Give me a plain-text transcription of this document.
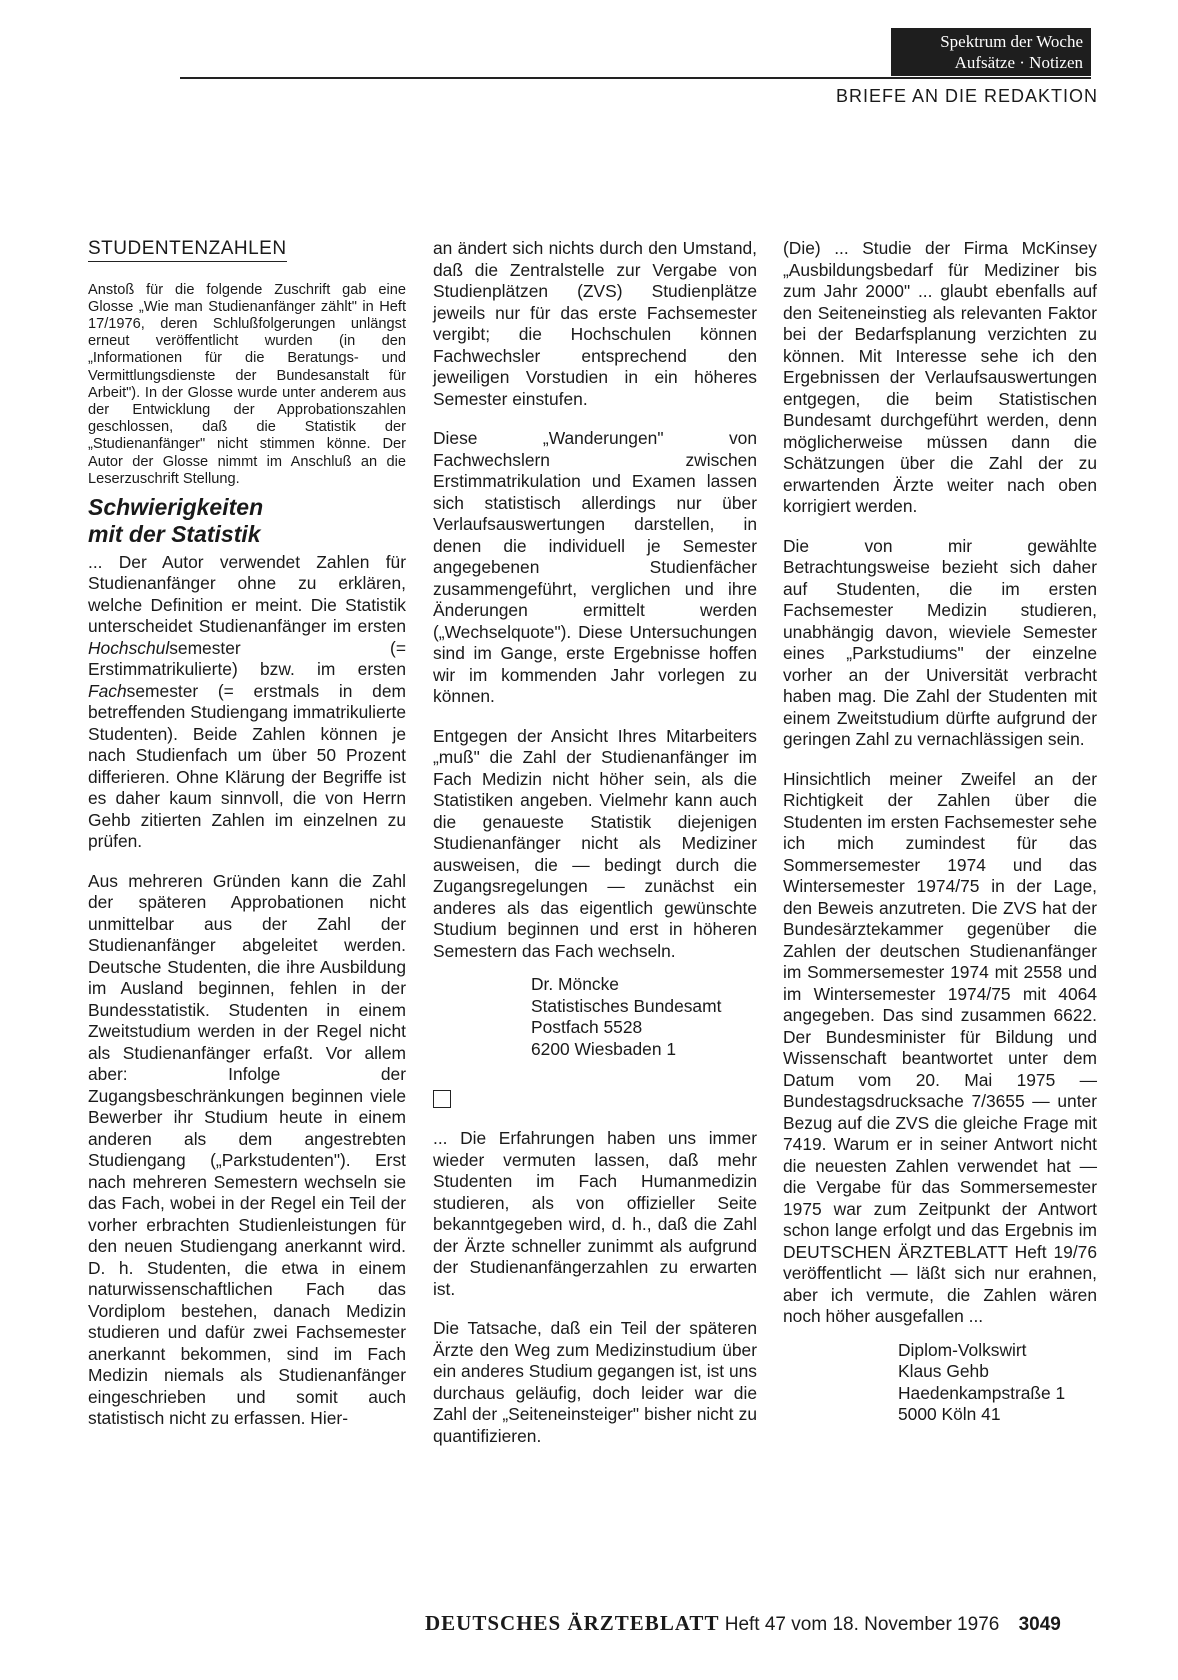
Spektrum der Woche
Aufsätze · Notizen
BRIEFE AN DIE REDAKTION
STUDENTENZAHLEN

Anstoß für die folgende Zuschrift gab eine Glosse „Wie man Studienanfänger zählt" in Heft 17/1976, deren Schlußfolgerungen unlängst erneut veröffentlicht wurden (in den „Informationen für die Beratungs- und Vermittlungsdienste der Bundesanstalt für Arbeit"). In der Glosse wurde unter anderem aus der Entwicklung der Approbationszahlen geschlossen, daß die Statistik der „Studienanfänger" nicht stimmen könne. Der Autor der Glosse nimmt im Anschluß an die Leserzuschrift Stellung.

Schwierigkeiten
mit der Statistik

... Der Autor verwendet Zahlen für Studienanfänger ohne zu erklären, welche Definition er meint. Die Statistik unterscheidet Studienanfänger im ersten Hochschulsemester (= Erstimmatrikulierte) bzw. im ersten Fachsemester (= erstmals in dem betreffenden Studiengang immatrikulierte Studenten). Beide Zahlen können je nach Studienfach um über 50 Prozent differieren. Ohne Klärung der Begriffe ist es daher kaum sinnvoll, die von Herrn Gehb zitierten Zahlen im einzelnen zu prüfen.

Aus mehreren Gründen kann die Zahl der späteren Approbationen nicht unmittelbar aus der Zahl der Studienanfänger abgeleitet werden. Deutsche Studenten, die ihre Ausbildung im Ausland beginnen, fehlen in der Bundesstatistik. Studenten in einem Zweitstudium werden in der Regel nicht als Studienanfänger erfaßt. Vor allem aber: Infolge der Zugangsbeschränkungen beginnen viele Bewerber ihr Studium heute in einem anderen als dem angestrebten Studiengang („Parkstudenten"). Erst nach mehreren Semestern wechseln sie das Fach, wobei in der Regel ein Teil der vorher erbrachten Studienleistungen für den neuen Studiengang anerkannt wird. D. h. Studenten, die etwa in einem naturwissenschaftlichen Fach das Vordiplom bestehen, danach Medizin studieren und dafür zwei Fachsemester anerkannt bekommen, sind im Fach Medizin niemals als Studienanfänger eingeschrieben und somit auch statistisch nicht zu erfassen. Hier-

an ändert sich nichts durch den Umstand, daß die Zentralstelle zur Vergabe von Studienplätzen (ZVS) Studienplätze jeweils nur für das erste Fachsemester vergibt; die Hochschulen können Fachwechsler entsprechend den jeweiligen Vorstudien in ein höheres Semester einstufen.

Diese „Wanderungen" von Fachwechslern zwischen Erstimmatrikulation und Examen lassen sich statistisch allerdings nur über Verlaufsauswertungen darstellen, in denen die individuell je Semester angegebenen Studienfächer zusammengeführt, verglichen und ihre Änderungen ermittelt werden („Wechselquote"). Diese Untersuchungen sind im Gange, erste Ergebnisse hoffen wir im kommenden Jahr vorlegen zu können.

Entgegen der Ansicht Ihres Mitarbeiters „muß" die Zahl der Studienanfänger im Fach Medizin nicht höher sein, als die Statistiken angeben. Vielmehr kann auch die genaueste Statistik diejenigen Studienanfänger nicht als Mediziner ausweisen, die — bedingt durch die Zugangsregelungen — zunächst ein anderes als das eigentlich gewünschte Studium beginnen und erst in höheren Semestern das Fach wechseln.

Dr. Möncke
Statistisches Bundesamt
Postfach 5528
6200 Wiesbaden 1

... Die Erfahrungen haben uns immer wieder vermuten lassen, daß mehr Studenten im Fach Humanmedizin studieren, als von offizieller Seite bekanntgegeben wird, d. h., daß die Zahl der Ärzte schneller zunimmt als aufgrund der Studienanfängerzahlen zu erwarten ist.

Die Tatsache, daß ein Teil der späteren Ärzte den Weg zum Medizinstudium über ein anderes Studium gegangen ist, ist uns durchaus geläufig, doch leider war die Zahl der „Seiteneinsteiger" bisher nicht zu quantifizieren.

(Die) ... Studie der Firma McKinsey „Ausbildungsbedarf für Mediziner bis zum Jahr 2000" ... glaubt ebenfalls auf den Seiteneinstieg als relevanten Faktor bei der Bedarfsplanung verzichten zu können. Mit Interesse sehe ich den Ergebnissen der Verlaufsauswertungen entgegen, die beim Statistischen Bundesamt durchgeführt werden, denn möglicherweise müssen dann die Schätzungen über die Zahl der zu erwartenden Ärzte weiter nach oben korrigiert werden.

Die von mir gewählte Betrachtungsweise bezieht sich daher auf Studenten, die im ersten Fachsemester Medizin studieren, unabhängig davon, wieviele Semester eines „Parkstudiums" der einzelne vorher an der Universität verbracht haben mag. Die Zahl der Studenten mit einem Zweitstudium dürfte aufgrund der geringen Zahl zu vernachlässigen sein.

Hinsichtlich meiner Zweifel an der Richtigkeit der Zahlen über die Studenten im ersten Fachsemester sehe ich mich zumindest für das Sommersemester 1974 und das Wintersemester 1974/75 in der Lage, den Beweis anzutreten. Die ZVS hat der Bundesärztekammer gegenüber die Zahlen der deutschen Studienanfänger im Sommersemester 1974 mit 2558 und im Wintersemester 1974/75 mit 4064 angegeben. Das sind zusammen 6622. Der Bundesminister für Bildung und Wissenschaft beantwortet unter dem Datum vom 20. Mai 1975 — Bundestagsdrucksache 7/3655 — unter Bezug auf die ZVS die gleiche Frage mit 7419. Warum er in seiner Antwort nicht die neuesten Zahlen verwendet hat — die Vergabe für das Sommersemester 1975 war zum Zeitpunkt der Antwort schon lange erfolgt und das Ergebnis im DEUTSCHEN ÄRZTEBLATT Heft 19/76 veröffentlicht — läßt sich nur erahnen, aber ich vermute, die Zahlen wären noch höher ausgefallen ...

Diplom-Volkswirt
Klaus Gehb
Haedenkampstraße 1
5000 Köln 41
DEUTSCHES ÄRZTEBLATT Heft 47 vom 18. November 1976 3049
